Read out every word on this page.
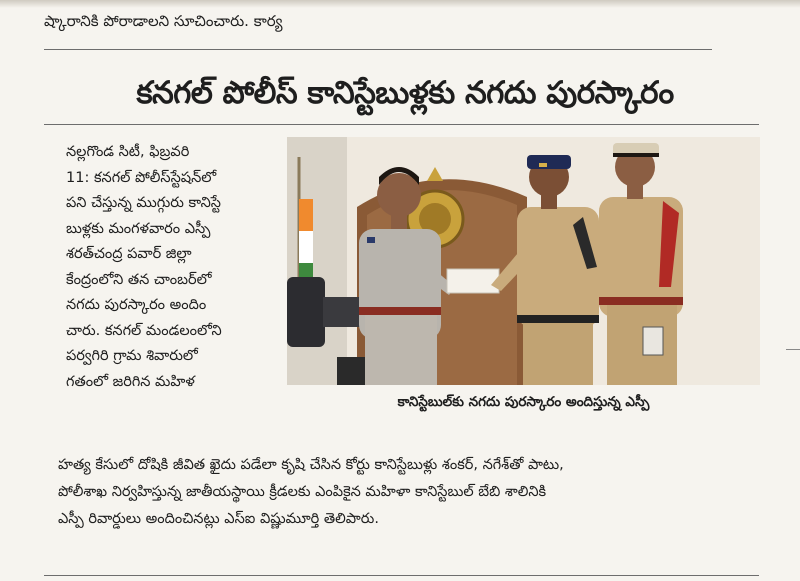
ష్కారానికి పోరాడాలని సూచించారు. కార్య
కనగల్ పోలీస్ కానిస్టేబుళ్లకు నగదు పురస్కారం
నల్లగొండ సిటీ, ఫిబ్రవరి
11: కనగల్ పోలీస్‌స్టేషన్‌లో
పని చేస్తున్న ముగ్గురు కానిస్టే
బుళ్లకు మంగళవారం ఎస్పీ
శరత్‌చంద్ర పవార్ జిల్లా
కేంద్రంలోని తన చాంబర్‌లో
నగదు పురస్కారం అందిం
చారు. కనగల్ మండలంలోని
పర్వగిరి గ్రామ శివారులో
గతంలో జరిగిన మహిళ
కానిస్టేబుల్‌కు నగదు పురస్కారం అందిస్తున్న ఎస్పీ
హత్య కేసులో దోషికి జీవిత ఖైదు పడేలా కృషి చేసిన కోర్టు కానిస్టేబుళ్లు శంకర్, నగేశ్‌తో పాటు,
పోలీశాఖ నిర్వహిస్తున్న జాతీయస్థాయి క్రీడలకు ఎంపికైన మహిళా కానిస్టేబుల్ బేబి శాలినికి
ఎస్పీ రివార్డులు అందించినట్లు ఎస్ఐ విష్ణుమూర్తి తెలిపారు.
